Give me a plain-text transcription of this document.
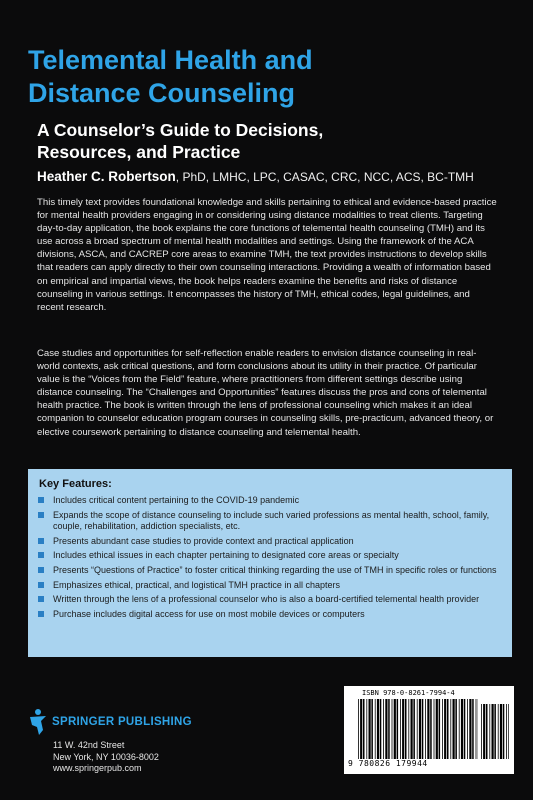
Telemental Health and
Distance Counseling
A Counselor’s Guide to Decisions,
Resources, and Practice
Heather C. Robertson, PhD, LMHC, LPC, CASAC, CRC, NCC, ACS, BC-TMH

This timely text provides foundational knowledge and skills pertaining to ethical and evidence-based practice for mental health providers engaging in or considering using distance modalities to treat clients. Targeting day-to-day application, the book explains the core functions of telemental health counseling (TMH) and its use across a broad spectrum of mental health modalities and settings. Using the framework of the ACA divisions, ASCA, and CACREP core areas to examine TMH, the text provides instructions to develop skills that readers can apply directly to their own counseling interactions. Providing a wealth of information based on empirical and impartial views, the book helps readers examine the benefits and risks of distance counseling in various settings. It encompasses the history of TMH, ethical codes, legal guidelines, and recent research.

Case studies and opportunities for self-reflection enable readers to envision distance counseling in real-world contexts, ask critical questions, and form conclusions about its utility in their practice. Of particular value is the “Voices from the Field” feature, where practitioners from different settings describe using distance counseling. The “Challenges and Opportunities” features discuss the pros and cons of telemental health practice. The book is written through the lens of professional counseling which makes it an ideal companion to counselor education program courses in counseling skills, pre-practicum, advanced theory, or elective coursework pertaining to distance counseling and telemental health.

Key Features:
Includes critical content pertaining to the COVID-19 pandemic
Expands the scope of distance counseling to include such varied professions as mental health, school, family, couple, rehabilitation, addiction specialists, etc.
Presents abundant case studies to provide context and practical application
Includes ethical issues in each chapter pertaining to designated core areas or specialty
Presents “Questions of Practice” to foster critical thinking regarding the use of TMH in specific roles or functions
Emphasizes ethical, practical, and logistical TMH practice in all chapters
Written through the lens of a professional counselor who is also a board-certified telemental health provider
Purchase includes digital access for use on most mobile devices or computers
SPRINGER PUBLISHING
11 W. 42nd Street
New York, NY 10036-8002
www.springerpub.com
ISBN 978-0-8261-7994-4
9 780826 179944
